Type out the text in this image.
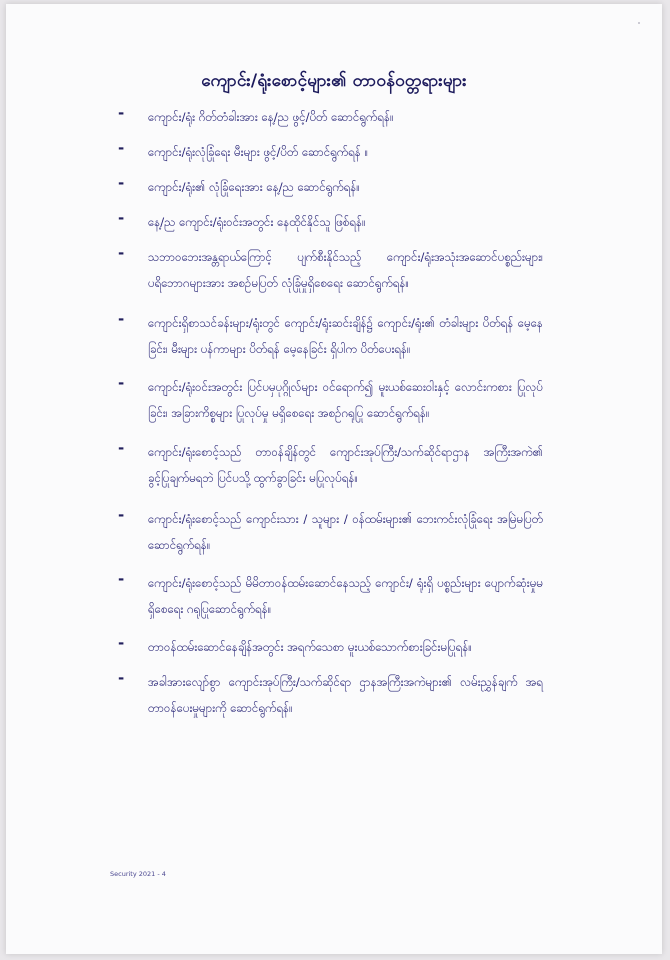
ကျောင်း/ရုံးစောင့်များ၏ တာဝန်ဝတ္တရားများ
- ကျောင်း/ရုံး ဂိတ်တံခါးအား နေ့/ည ဖွင့်/ပိတ် ဆောင်ရွက်ရန်။
- ကျောင်း/ရုံးလုံခြုံရေး မီးများ ဖွင့်/ပိတ် ဆောင်ရွက်ရန် ။
- ကျောင်း/ရုံး၏ လုံခြုံရေးအား နေ့/ည ဆောင်ရွက်ရန်။
- နေ့/ည ကျောင်း/ရုံးဝင်းအတွင်း နေထိုင်နိုင်သူ ဖြစ်ရန်။
- သဘာဝဘေးအန္တရာယ်ကြောင့် ပျက်စီးနိုင်သည့် ကျောင်း/ရုံးအသုံးအဆောင်ပစ္စည်းများ၊ ပရိဘောဂများအား အစဉ်မပြတ် လုံခြုံမှုရှိစေရေး ဆောင်ရွက်ရန်။
- ကျောင်းရှိစာသင်ခန်းများ/ရုံးတွင် ကျောင်း/ရုံးဆင်းချိန်၌ ကျောင်း/ရုံး၏ တံခါးများ ပိတ်ရန် မေ့နေခြင်း၊ မီးများ ပန်ကာများ ပိတ်ရန် မေ့နေခြင်း ရှိပါက ပိတ်ပေးရန်။
- ကျောင်း/ရုံးဝင်းအတွင်း ပြင်ပမှပုဂ္ဂိုလ်များ ဝင်ရောက်၍ မူးယစ်ဆေးဝါးနှင့် လောင်းကစား ပြုလုပ်ခြင်း၊ အခြားကိစ္စများ ပြုလုပ်မှု မရှိစေရေး အစဉ်ဂရုပြု ဆောင်ရွက်ရန်။
- ကျောင်း/ရုံးစောင့်သည် တာဝန်ချိန်တွင် ကျောင်းအုပ်ကြီး/သက်ဆိုင်ရာဌာန အကြီးအကဲ၏ ခွင့်ပြုချက်မရဘဲ ပြင်ပသို့ ထွက်ခွာခြင်း မပြုလုပ်ရန်။
- ကျောင်း/ရုံးစောင့်သည် ကျောင်းသား / သူများ / ဝန်ထမ်းများ၏ ဘေးကင်းလုံခြုံရေး အမြဲမပြတ် ဆောင်ရွက်ရန်။
- ကျောင်း/ရုံးစောင့်သည် မိမိတာဝန်ထမ်းဆောင်နေသည့် ကျောင်း/ ရုံးရှိ ပစ္စည်းများ ပျောက်ဆုံးမှုမရှိစေရေး ဂရုပြုဆောင်ရွက်ရန်။
- တာဝန်ထမ်းဆောင်နေချိန်အတွင်း အရက်သေစာ မူးယစ်သောက်စားခြင်းမပြုရန်။
- အခါအားလျော်စွာ ကျောင်းအုပ်ကြီး/သက်ဆိုင်ရာ ဌာနအကြီးအကဲများ၏ လမ်းညွှန်ချက် အရ တာဝန်ပေးမှုများကို ဆောင်ရွက်ရန်။
Security 2021 - 4
